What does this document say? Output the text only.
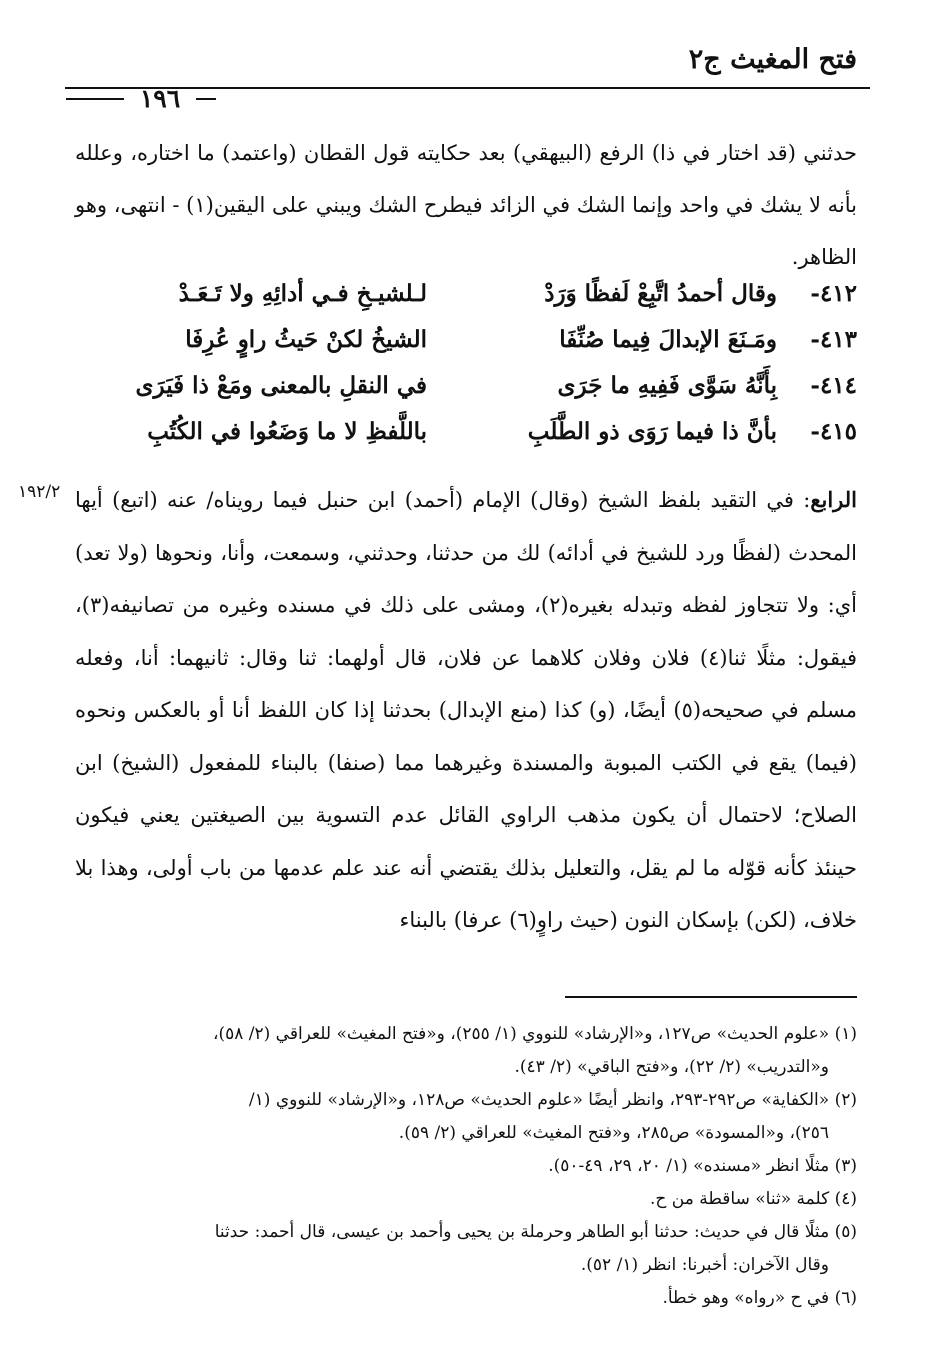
فتح المغيث ج٢
١٩٦

حدثني (قد اختار في ذا) الرفع (البيهقي) بعد حكايته قول القطان (واعتمد) ما اختاره، وعلله بأنه لا يشك في واحد وإنما الشك في الزائد فيطرح الشك ويبني على اليقين(١) - انتهى، وهو الظاهر.

٤١٢-
وقال أحمدُ اتَّبِعْ لَفظًا وَرَدْ
لـلشيـخِ فـي أدائِهِ ولا تَـعَـدْ
٤١٣-
ومَـنَعَ الإبدالَ فِيما صُنِّفَا
الشيخُ لكنْ حَيثُ راوٍ عُرِفَا
٤١٤-
بِأَنَّهُ سَوَّى فَفِيهِ ما جَرَى
في النقلِ بالمعنى ومَعْ ذا فَيَرَى
٤١٥-
بأنَّ ذا فيما رَوَى ذو الطَّلَبِ
باللَّفظِ لا ما وَضَعُوا في الكُتُبِ
١٩٢/٢	الرابع: في التقيد بلفظ الشيخ (وقال) الإمام (أحمد) ابن حنبل فيما رويناه/ عنه (اتبع) أيها المحدث (لفظًا ورد للشيخ في أدائه) لك من حدثنا، وحدثني، وسمعت، وأنا، ونحوها (ولا تعد) أي: ولا تتجاوز لفظه وتبدله بغيره(٢)، ومشى على ذلك في مسنده وغيره من تصانيفه(٣)، فيقول: مثلًا ثنا(٤) فلان وفلان كلاهما عن فلان، قال أولهما: ثنا وقال: ثانيهما: أنا، وفعله مسلم في صحيحه(٥) أيضًا، (و) كذا (منع الإبدال) بحدثنا إذا كان اللفظ أنا أو بالعكس ونحوه (فيما) يقع في الكتب المبوبة والمسندة وغيرهما مما (صنفا) بالبناء للمفعول (الشيخ) ابن الصلاح؛ لاحتمال أن يكون مذهب الراوي القائل عدم التسوية بين الصيغتين يعني فيكون حينئذ كأنه قوّله ما لم يقل، والتعليل بذلك يقتضي أنه عند علم عدمها من باب أولى، وهذا بلا خلاف، (لكن) بإسكان النون (حيث راوٍ(٦) عرفا) بالبناء

(١) «علوم الحديث» ص١٢٧، و«الإرشاد» للنووي (١/ ٢٥٥)، و«فتح المغيث» للعراقي (٢/ ٥٨)،
و«التدريب» (٢/ ٢٢)، و«فتح الباقي» (٢/ ٤٣).

(٢) «الكفاية» ص٢٩٢-٢٩٣، وانظر أيضًا «علوم الحديث» ص١٢٨، و«الإرشاد» للنووي (١/
٢٥٦)، و«المسودة» ص٢٨٥، و«فتح المغيث» للعراقي (٢/ ٥٩).

(٣) مثلًا انظر «مسنده» (١/ ٢٠، ٢٩، ٤٩-٥٠).

(٤) كلمة «ثنا» ساقطة من ح.

(٥) مثلًا قال في حديث: حدثنا أبو الطاهر وحرملة بن يحيى وأحمد بن عيسى، قال أحمد: حدثنا
وقال الآخران: أخبرنا: انظر (١/ ٥٢).

(٦) في ح «رواه» وهو خطأ.
